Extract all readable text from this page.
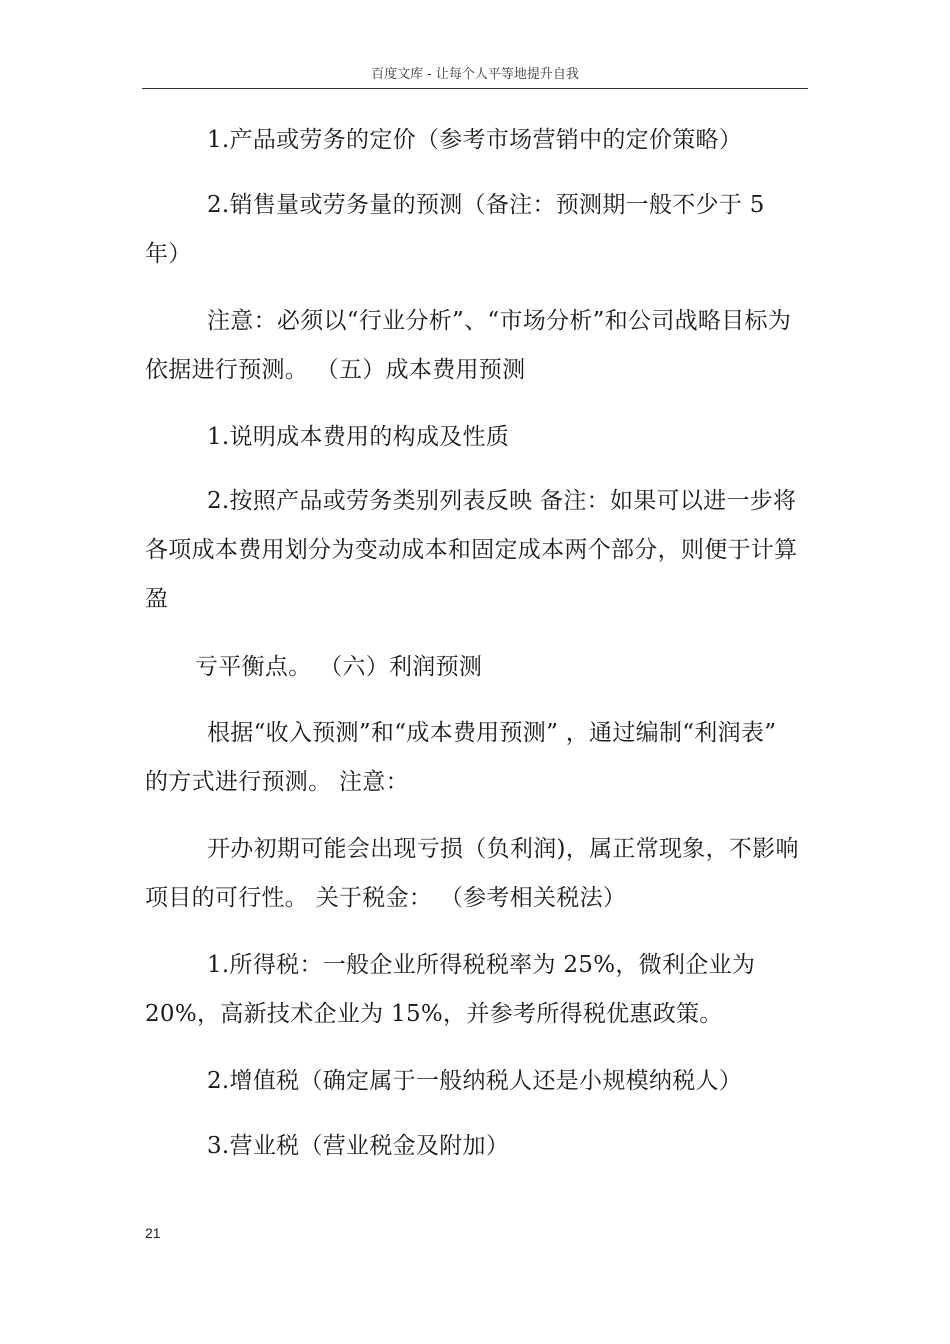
百度文库 - 让每个人平等地提升自我

1.产品或劳务的定价（参考市场营销中的定价策略）

2.销售量或劳务量的预测（备注：预测期一般不少于 5 年）

注意：必须以“行业分析”、“市场分析”和公司战略目标为依据进行预测。 （五）成本费用预测

1.说明成本费用的构成及性质

2.按照产品或劳务类别列表反映 备注：如果可以进一步将各项成本费用划分为变动成本和固定成本两个部分，则便于计算盈

亏平衡点。 （六）利润预测

根据“收入预测”和“成本费用预测” ，通过编制“利润表” 的方式进行预测。 注意：

开办初期可能会出现亏损（负利润)，属正常现象，不影响项目的可行性。 关于税金： （参考相关税法）

1.所得税：一般企业所得税税率为 25%，微利企业为 20%，高新技术企业为 15%，并参考所得税优惠政策。

2.增值税（确定属于一般纳税人还是小规模纳税人）

3.营业税（营业税金及附加）

21
